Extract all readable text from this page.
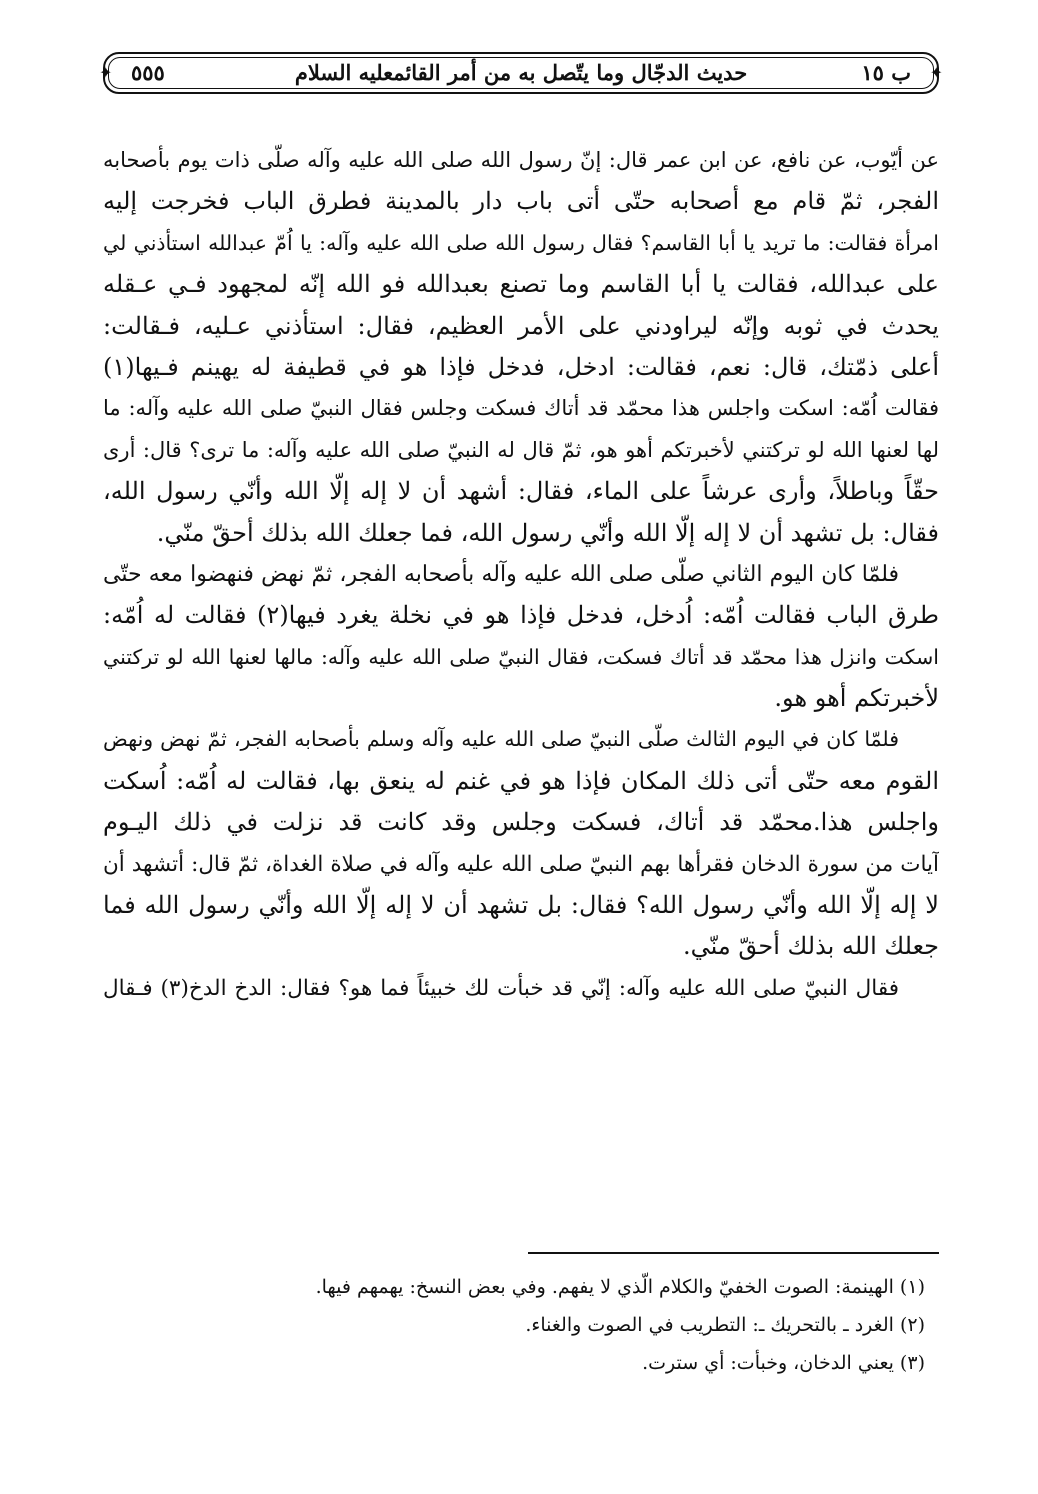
✦
✦	ب ١٥
حديث الدجّال وما يتّصل به من أمر القائمعليه السلام
٥٥٥
عن أيّوب، عن نافع، عن ابن عمر قال: إنّ رسول الله صلى الله عليه وآله صلّى ذات يوم بأصحابه
الفجر، ثمّ قام مع أصحابه حتّى أتى باب دار بالمدينة فطرق الباب فخرجت إليه
امرأة فقالت: ما تريد يا أبا القاسم؟ فقال رسول الله صلى الله عليه وآله: يا اُمّ عبدالله استأذني لي
على عبدالله، فقالت يا أبا القاسم وما تصنع بعبدالله فو الله إنّه لمجهود فـي عـقله
يحدث في ثوبه وإنّه ليراودني على الأمر العظيم، فقال: استأذني عـليه، فـقالت:
أعلى ذمّتك، قال: نعم، فقالت: ادخل، فدخل فإذا هو في قطيفة له يهينم فـيها(١)
فقالت اُمّه: اسكت واجلس هذا محمّد قد أتاك فسكت وجلس فقال النبيّ صلى الله عليه وآله: ما
لها لعنها الله لو تركتني لأخبرتكم أهو هو، ثمّ قال له النبيّ صلى الله عليه وآله: ما ترى؟ قال: أرى
حقّاً وباطلاً، وأرى عرشاً على الماء، فقال: أشهد أن لا إله إلّا الله وأنّي رسول الله،
فقال: بل تشهد أن لا إله إلّا الله وأنّي رسول الله، فما جعلك الله بذلك أحقّ منّي.
فلمّا كان اليوم الثاني صلّى صلى الله عليه وآله بأصحابه الفجر، ثمّ نهض فنهضوا معه حتّى
طرق الباب فقالت اُمّه: اُدخل، فدخل فإذا هو في نخلة يغرد فيها(٢) فقالت له اُمّه:
اسكت وانزل هذا محمّد قد أتاك فسكت، فقال النبيّ صلى الله عليه وآله: مالها لعنها الله لو تركتني
لأخبرتكم أهو هو.
فلمّا كان في اليوم الثالث صلّى النبيّ صلى الله عليه وآله وسلم بأصحابه الفجر، ثمّ نهض ونهض
القوم معه حتّى أتى ذلك المكان فإذا هو في غنم له ينعق بها، فقالت له اُمّه: اُسكت
واجلس هذا.محمّد قد أتاك، فسكت وجلس وقد كانت قد نزلت في ذلك اليـوم
آيات من سورة الدخان فقرأها بهم النبيّ صلى الله عليه وآله في صلاة الغداة، ثمّ قال: أتشهد أن
لا إله إلّا الله وأنّي رسول الله؟ فقال: بل تشهد أن لا إله إلّا الله وأنّي رسول الله فما
جعلك الله بذلك أحقّ منّي.
فقال النبيّ صلى الله عليه وآله: إنّي قد خبأت لك خبيئاً فما هو؟ فقال: الدخ الدخ(٣) فـقال
(١) الهينمة: الصوت الخفيّ والكلام الّذي لا يفهم. وفي بعض النسخ: يهمهم فيها.
(٢) الغرد ـ بالتحريك ـ: التطريب في الصوت والغناء.
(٣) يعني الدخان، وخبأت: أي سترت.
